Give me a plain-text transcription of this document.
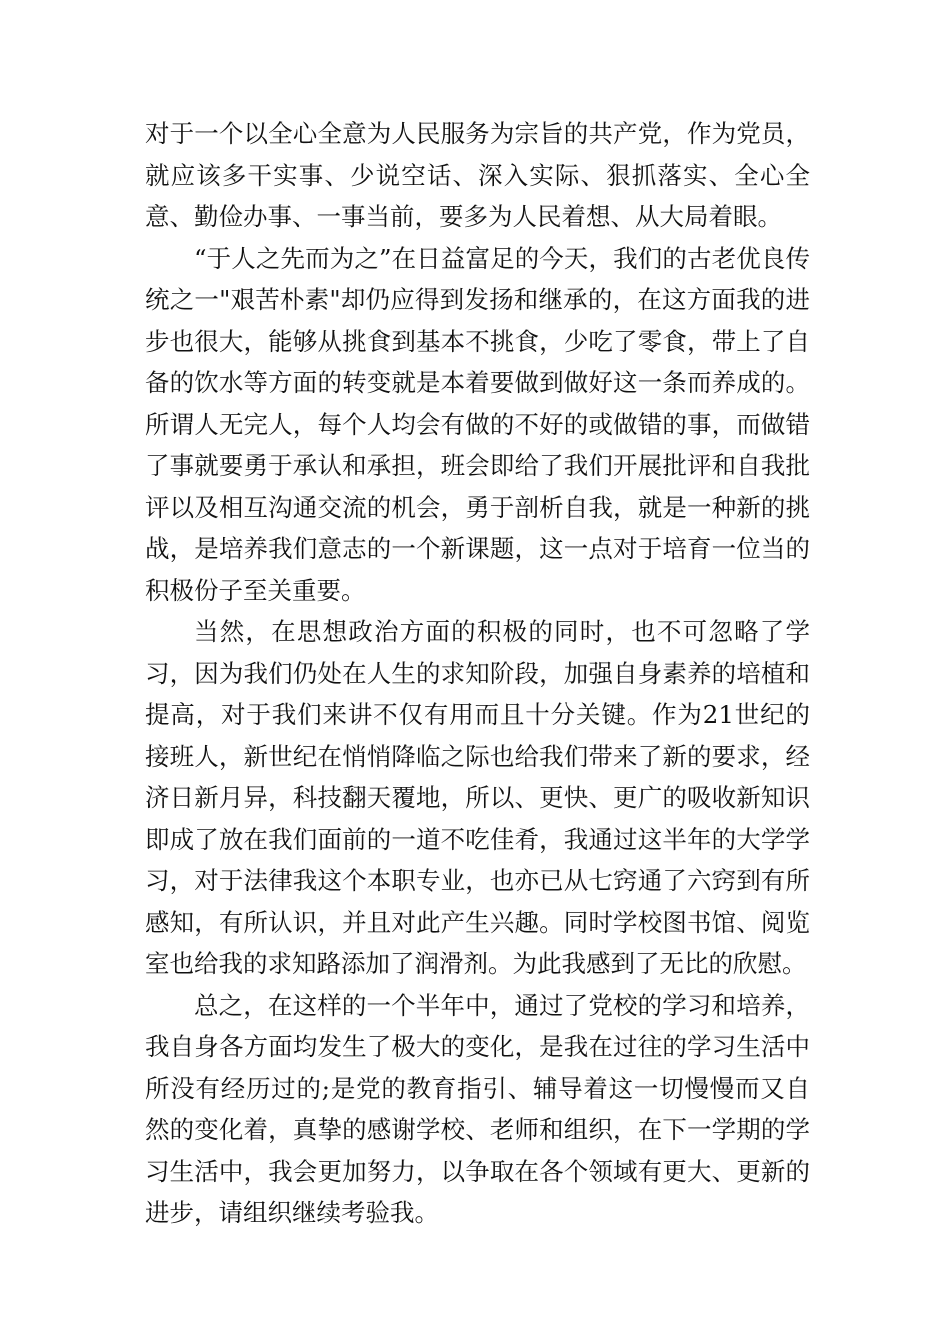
对于一个以全心全意为人民服务为宗旨的共产党，作为党员，就应该多干实事、少说空话、深入实际、狠抓落实、全心全意、勤俭办事、一事当前，要多为人民着想、从大局着眼。

“于人之先而为之”在日益富足的今天，我们的古老优良传统之一"艰苦朴素"却仍应得到发扬和继承的，在这方面我的进步也很大，能够从挑食到基本不挑食，少吃了零食，带上了自备的饮水等方面的转变就是本着要做到做好这一条而养成的。所谓人无完人，每个人均会有做的不好的或做错的事，而做错了事就要勇于承认和承担，班会即给了我们开展批评和自我批评以及相互沟通交流的机会，勇于剖析自我，就是一种新的挑战，是培养我们意志的一个新课题，这一点对于培育一位当的积极份子至关重要。

当然，在思想政治方面的积极的同时，也不可忽略了学习，因为我们仍处在人生的求知阶段，加强自身素养的培植和提高，对于我们来讲不仅有用而且十分关键。作为21世纪的接班人，新世纪在悄悄降临之际也给我们带来了新的要求，经济日新月异，科技翻天覆地，所以、更快、更广的吸收新知识即成了放在我们面前的一道不吃佳肴，我通过这半年的大学学习，对于法律我这个本职专业，也亦已从七窍通了六窍到有所感知，有所认识，并且对此产生兴趣。同时学校图书馆、阅览室也给我的求知路添加了润滑剂。为此我感到了无比的欣慰。

总之，在这样的一个半年中，通过了党校的学习和培养，我自身各方面均发生了极大的变化，是我在过往的学习生活中所没有经历过的;是党的教育指引、辅导着这一切慢慢而又自然的变化着，真挚的感谢学校、老师和组织，在下一学期的学习生活中，我会更加努力，以争取在各个领域有更大、更新的进步，请组织继续考验我。
